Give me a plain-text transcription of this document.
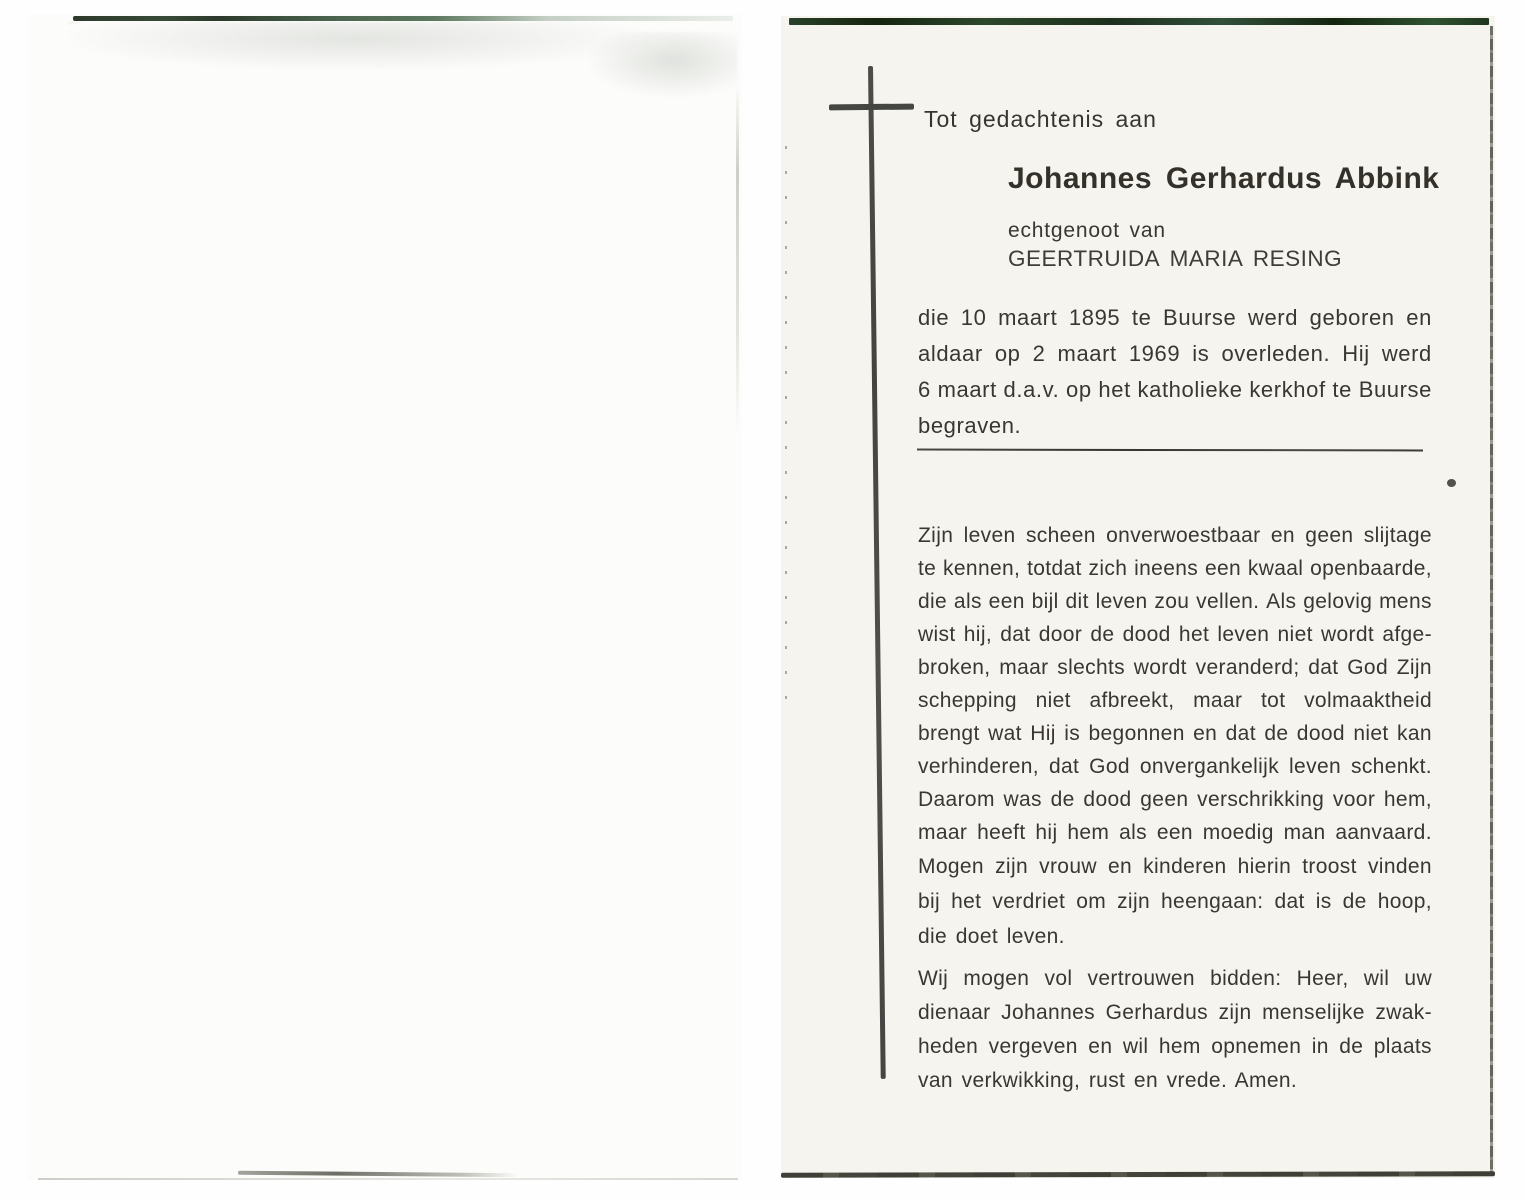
Tot gedachtenis aan
Johannes Gerhardus Abbink
echtgenoot van
GEERTRUIDA MARIA RESING
die 10 maart 1895 te Buurse werd geboren en
aldaar op 2 maart 1969 is overleden. Hij werd
6 maart d.a.v. op het katholieke kerkhof te Buurse
begraven.
Zijn leven scheen onverwoestbaar en geen slijtage
te kennen, totdat zich ineens een kwaal openbaarde,
die als een bijl dit leven zou vellen. Als gelovig mens
wist hij, dat door de dood het leven niet wordt afge-
broken, maar slechts wordt veranderd; dat God Zijn
schepping niet afbreekt, maar tot volmaaktheid
brengt wat Hij is begonnen en dat de dood niet kan
verhinderen, dat God onvergankelijk leven schenkt.
Daarom was de dood geen verschrikking voor hem,
maar heeft hij hem als een moedig man aanvaard.
Mogen zijn vrouw en kinderen hierin troost vinden
bij het verdriet om zijn heengaan: dat is de hoop,
die doet leven.
Wij mogen vol vertrouwen bidden: Heer, wil uw
dienaar Johannes Gerhardus zijn menselijke zwak-
heden vergeven en wil hem opnemen in de plaats
van verkwikking, rust en vrede. Amen.
